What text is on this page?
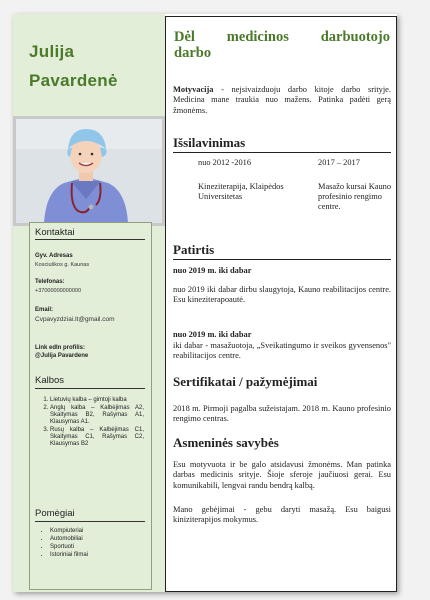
Julija
Pavardenė
Kontaktai
Gyv. Adresas
Kosciuškos g. Kaunas
Telefonas:
+37000000000000
Email:
Cvpavyzdziai.lt@gmail.com
Link edIn profilis:
@Julija Pavardene
Kalbos
1. Lietuvių kalba – gimtoji kalba
2. Anglų kalba – Kalbėjimas A2, Skaitymas B2, Rašymas A1, Klausymas A1.
3. Rusų kalba – Kalbėjimas C1, Skaitymas C1, Rašymas C2, Klausymas B2
Pomėgiai
• Kompiuteriai
• Automobiliai
• Sportuoti
• Istoriniai filmai
Dėl medicinos darbuotojo
darbo
Motyvacija - nejsivaizduoju darbo kitoje darbo srityje. Medicina mane traukia nuo mažens. Patinka padėti gerą žmonėms.
Išsilavinimas
nuo 2012 -2016	2017 – 2017
Kineziterapija, Klaipėdos Universitetas
Masažo kursai Kauno profesinio rengimo centre.
Patirtis
nuo 2019 m. iki dabar
nuo 2019 iki dabar dirbu slaugytoja, Kauno reabilitacijos centre. Esu kineziterapoautė.
nuo 2019 m. iki dabar
iki dabar - masažuotoja, „Sveikatingumo ir sveikos gyvensenos" reabilitacijos centre.
Sertifikatai / pažymėjimai
2018 m. Pirmoji pagalba sužeistajam. 2018 m. Kauno profesinio rengimo centras.
Asmeninės savybės
Esu motyvuota ir be galo atsidavusi žmonėms. Man patinka darbas medicinis srityje. Šioje sferoje jaučiuosi gerai. Esu komunikabili, lengvai randu bendrą kalbą.
Mano gebėjimai - gebu daryti masažą. Esu baigusi kiniziterapijos mokymus.
